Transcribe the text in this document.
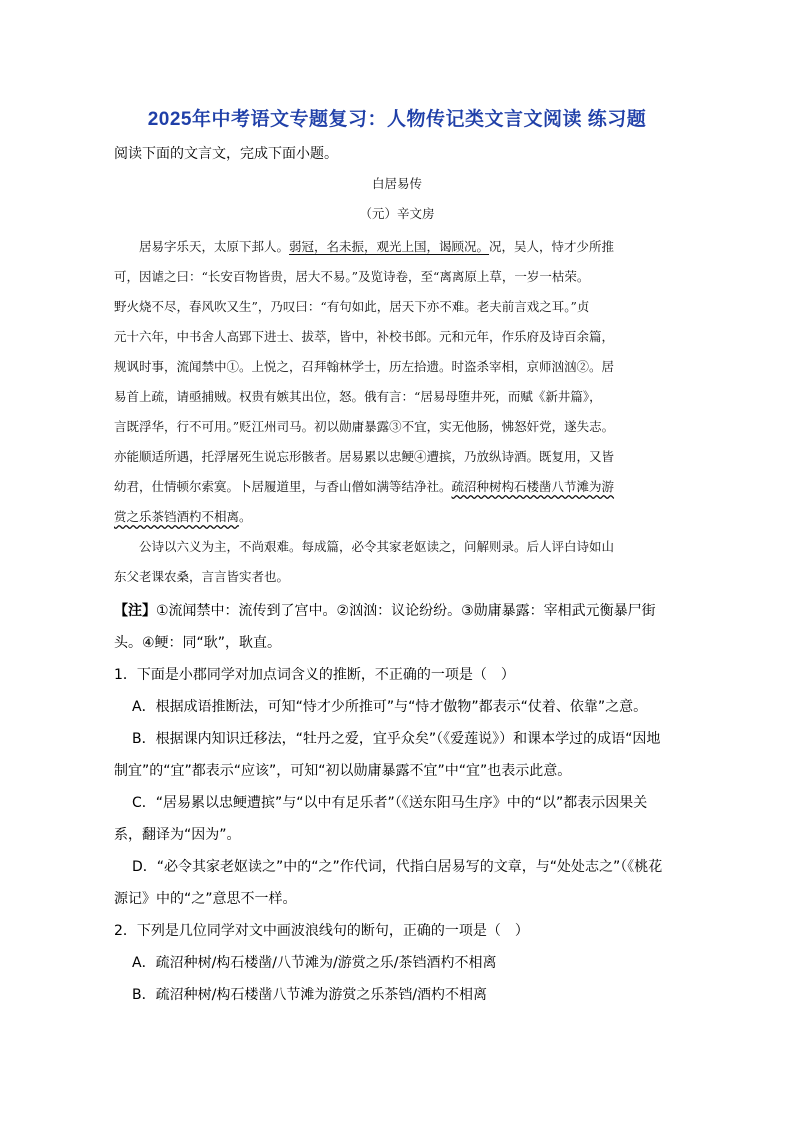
2025年中考语文专题复习：人物传记类文言文阅读 练习题
阅读下面的文言文，完成下面小题。
白居易传
（元）辛文房
　　居易字乐天，太原下邽人。弱冠，名未振，观光上国，谒顾况。况，吴人，恃才少所推
可，因谑之曰：“长安百物皆贵，居大不易。”及览诗卷，至“离离原上草，一岁一枯荣。
野火烧不尽，春风吹又生”，乃叹曰：“有句如此，居天下亦不难。老夫前言戏之耳。”贞
元十六年，中书舍人高郢下进士、拔萃，皆中，补校书郎。元和元年，作乐府及诗百余篇，
规讽时事，流闻禁中①。上悦之，召拜翰林学士，历左拾遗。时盗杀宰相，京师汹汹②。居
易首上疏，请亟捕贼。权贵有嫉其出位，怒。俄有言：“居易母堕井死，而赋《新井篇》，
言既浮华，行不可用。”贬江州司马。初以勋庸暴露③不宜，实无他肠，怫怒奸党，遂失志。
亦能顺适所遇，托浮屠死生说忘形骸者。居易累以忠鲠④遭摈，乃放纵诗酒。既复用，又皆
幼君，仕情顿尔索寞。卜居履道里，与香山僧如满等结净社。疏沼种树构石楼凿八节滩为游
赏之乐茶铛酒杓不相离。
　　公诗以六义为主，不尚艰难。每成篇，必令其家老妪读之，问解则录。后人评白诗如山
东父老课农桑，言言皆实者也。
【注】①流闻禁中：流传到了宫中。②汹汹：议论纷纷。③勋庸暴露：宰相武元衡暴尸街
头。④鲠：同“耿”，耿直。
1．下面是小郡同学对加点词含义的推断，不正确的一项是（　）
A．根据成语推断法，可知“恃才少所推可”与“恃才傲物”都表示“仗着、依靠”之意。
B．根据课内知识迁移法，“牡丹之爱，宜乎众矣”（《爱莲说》）和课本学过的成语“因地
制宜”的“宜”都表示“应该”，可知“初以勋庸暴露不宜”中“宜”也表示此意。
C．“居易累以忠鲠遭摈”与“以中有足乐者”（《送东阳马生序》中的“以”都表示因果关
系，翻译为“因为”。
D．“必令其家老妪读之”中的“之”作代词，代指白居易写的文章，与“处处志之”（《桃花
源记》中的“之”意思不一样。
2．下列是几位同学对文中画波浪线句的断句，正确的一项是（　）
A．疏沼种树/构石楼凿/八节滩为/游赏之乐/茶铛酒杓不相离
B．疏沼种树/构石楼凿八节滩为游赏之乐茶铛/酒杓不相离
